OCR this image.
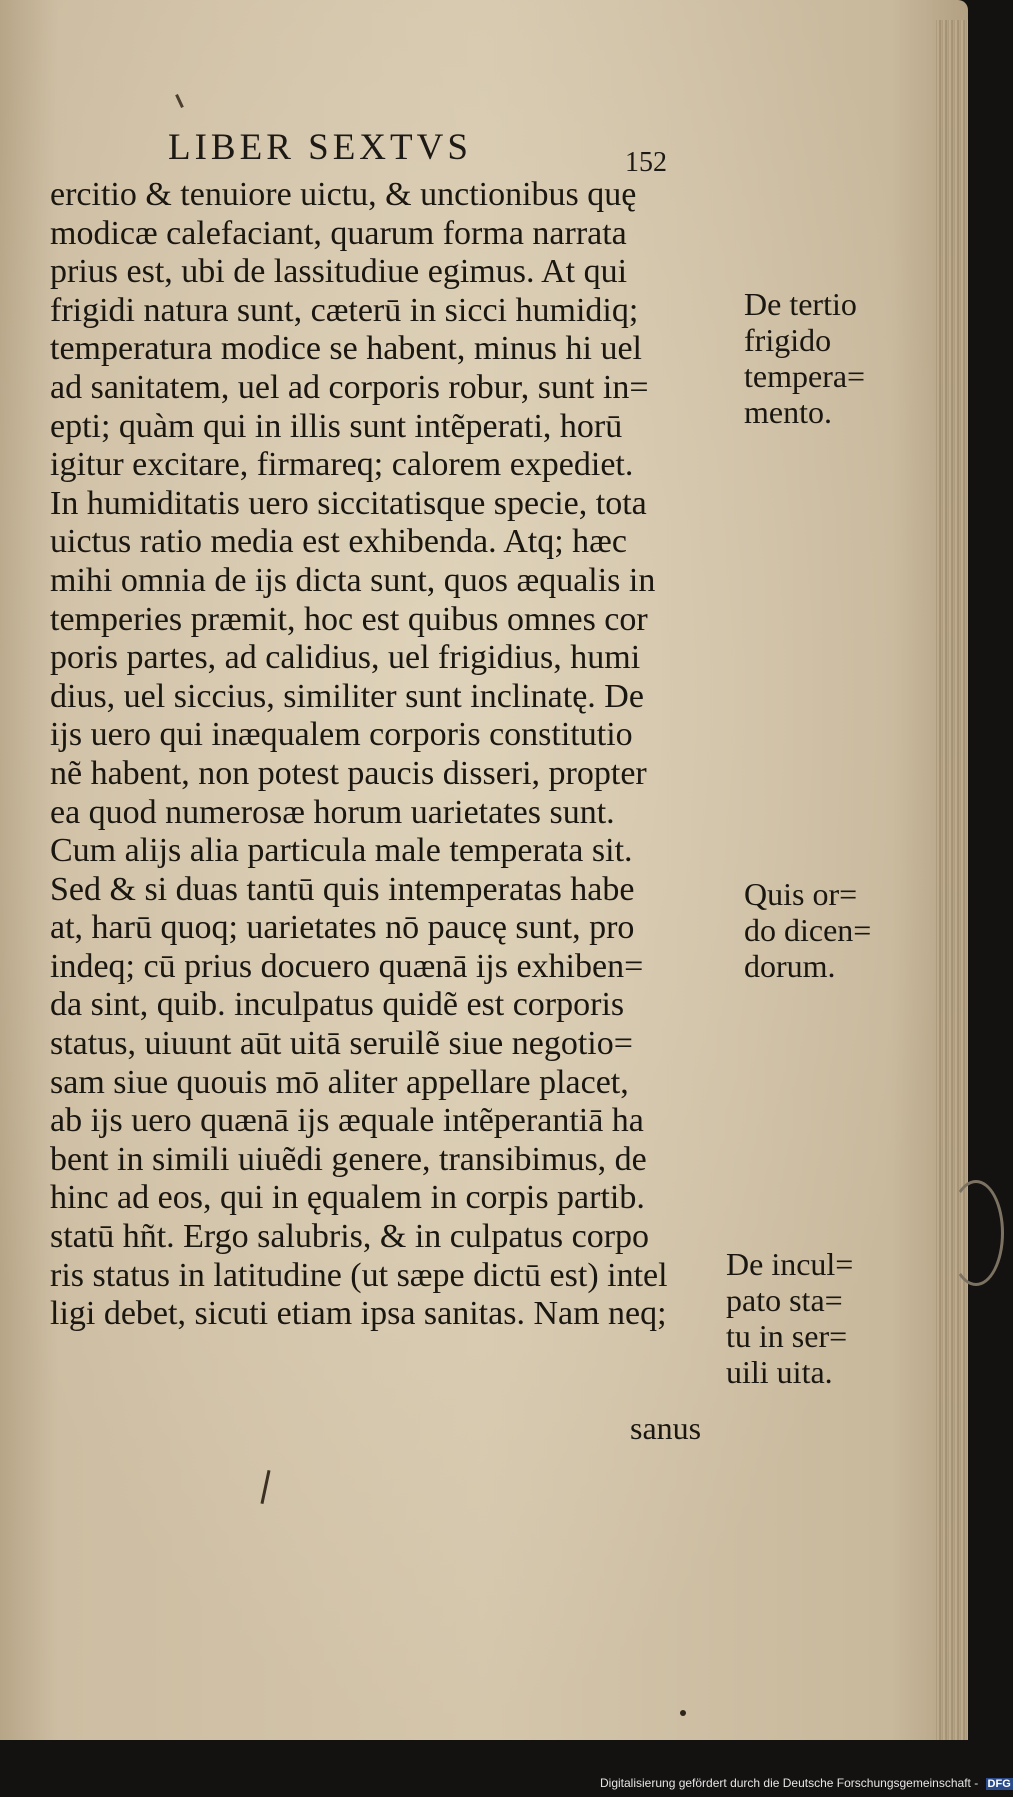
LIBER SEXTVS	152
ercitio & tenuiore uictu, & unctionibus quę
modicæ calefaciant, quarum forma narrata
prius est, ubi de lassitudiue egimus. At qui
frigidi natura sunt, cæterū in sicci humidiq;
temperatura modice se habent, minus hi uel
ad sanitatem, uel ad corporis robur, sunt in=
epti; quàm qui in illis sunt intẽperati, horū
igitur excitare, firmareq; calorem expediet.
In humiditatis uero siccitatisque specie, tota
uictus ratio media est exhibenda. Atq; hæc
mihi omnia de ijs dicta sunt, quos æqualis in
temperies præmit, hoc est quibus omnes cor
poris partes, ad calidius, uel frigidius, humi
dius, uel siccius, similiter sunt inclinatę. De
ijs uero qui inæqualem corporis constitutio
nẽ habent, non potest paucis disseri, propter
ea quod numerosæ horum uarietates sunt.
Cum alijs alia particula male temperata sit.
Sed & si duas tantū quis intemperatas habe
at, harū quoq; uarietates nō paucę sunt, pro
indeq; cū prius docuero quænā ijs exhiben=
da sint, quib. inculpatus quidẽ est corporis
status, uiuunt aūt uitā seruilẽ siue negotio=
sam siue quouis mō aliter appellare placet,
ab ijs uero quænā ijs æquale intẽperantiā ha
bent in simili uiuẽdi genere, transibimus, de
hinc ad eos, qui in ęqualem in corpis partib.
statū hñt. Ergo salubris, & in culpatus corpo
ris status in latitudine (ut sæpe dictū est) intel
ligi debet, sicuti etiam ipsa sanitas. Nam neq;
De tertio
frigido
tempera=
mento.
Quis or=
do dicen=
dorum.
De incul=
pato sta=
tu in ser=
uili uita.
sanus
Digitalisierung gefördert durch die Deutsche Forschungsgemeinschaft - DFG
